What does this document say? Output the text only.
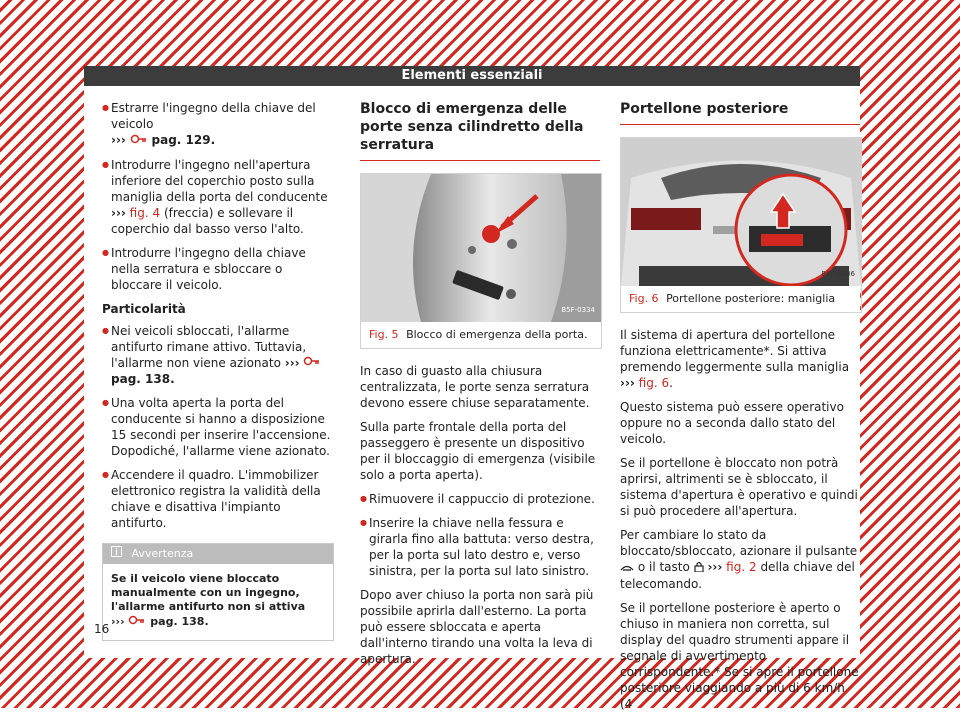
Elementi essenziali
● Estrarre l'ingegno della chiave del veicolo
››› pag. 129.
● Introdurre l'ingegno nell'apertura inferiore del coperchio posto sulla maniglia della porta del conducente ››› fig. 4 (freccia) e sollevare il coperchio dal basso verso l'alto.
● Introdurre l'ingegno della chiave nella serratura e sbloccare o bloccare il veicolo.
Particolarità
● Nei veicoli sbloccati, l'allarme antifurto rimane attivo. Tuttavia, l'allarme non viene azionato ›››  pag. 138.
● Una volta aperta la porta del conducente si hanno a disposizione 15 secondi per inserire l'accensione. Dopodiché, l'allarme viene azionato.
● Accendere il quadro. L'immobilizer elettronico registra la validità della chiave e disattiva l'impianto antifurto.
Avvertenza
Se il veicolo viene bloccato manualmente con un ingegno, l'allarme antifurto non si attiva
››› pag. 138.
Blocco di emergenza delle porte senza cilindretto della serratura
B5F-0334
Fig. 5 Blocco di emergenza della porta.

In caso di guasto alla chiusura centralizzata, le porte senza serratura devono essere chiuse separatamente.

Sulla parte frontale della porta del passeggero è presente un dispositivo per il bloccaggio di emergenza (visibile solo a porta aperta).

● Rimuovere il cappuccio di protezione.
● Inserire la chiave nella fessura e girarla fino alla battuta: verso destra, per la porta sul lato destro e, verso sinistra, per la porta sul lato sinistro.

Dopo aver chiuso la porta non sarà più possibile aprirla dall'esterno. La porta può essere sbloccata e aperta dall'interno tirando una volta la leva di apertura.

Portellone posteriore
B6F-0006
Fig. 6 Portellone posteriore: maniglia

Il sistema di apertura del portellone funziona elettricamente*. Si attiva premendo leggermente sulla maniglia ››› fig. 6.

Questo sistema può essere operativo oppure no a seconda dallo stato del veicolo.

Se il portellone è bloccato non potrà aprirsi, altrimenti se è sbloccato, il sistema d'apertura è operativo e quindi si può procedere all'apertura.

Per cambiare lo stato da bloccato/sbloccato, azionare il pulsante  o il tasto ››› fig. 2 della chiave del telecomando.

Se il portellone posteriore è aperto o chiuso in maniera non corretta, sul display del quadro strumenti appare il segnale di avvertimento corrispondente.* Se si apre il portellone posteriore viaggiando a più di 6 km/h (4

16
